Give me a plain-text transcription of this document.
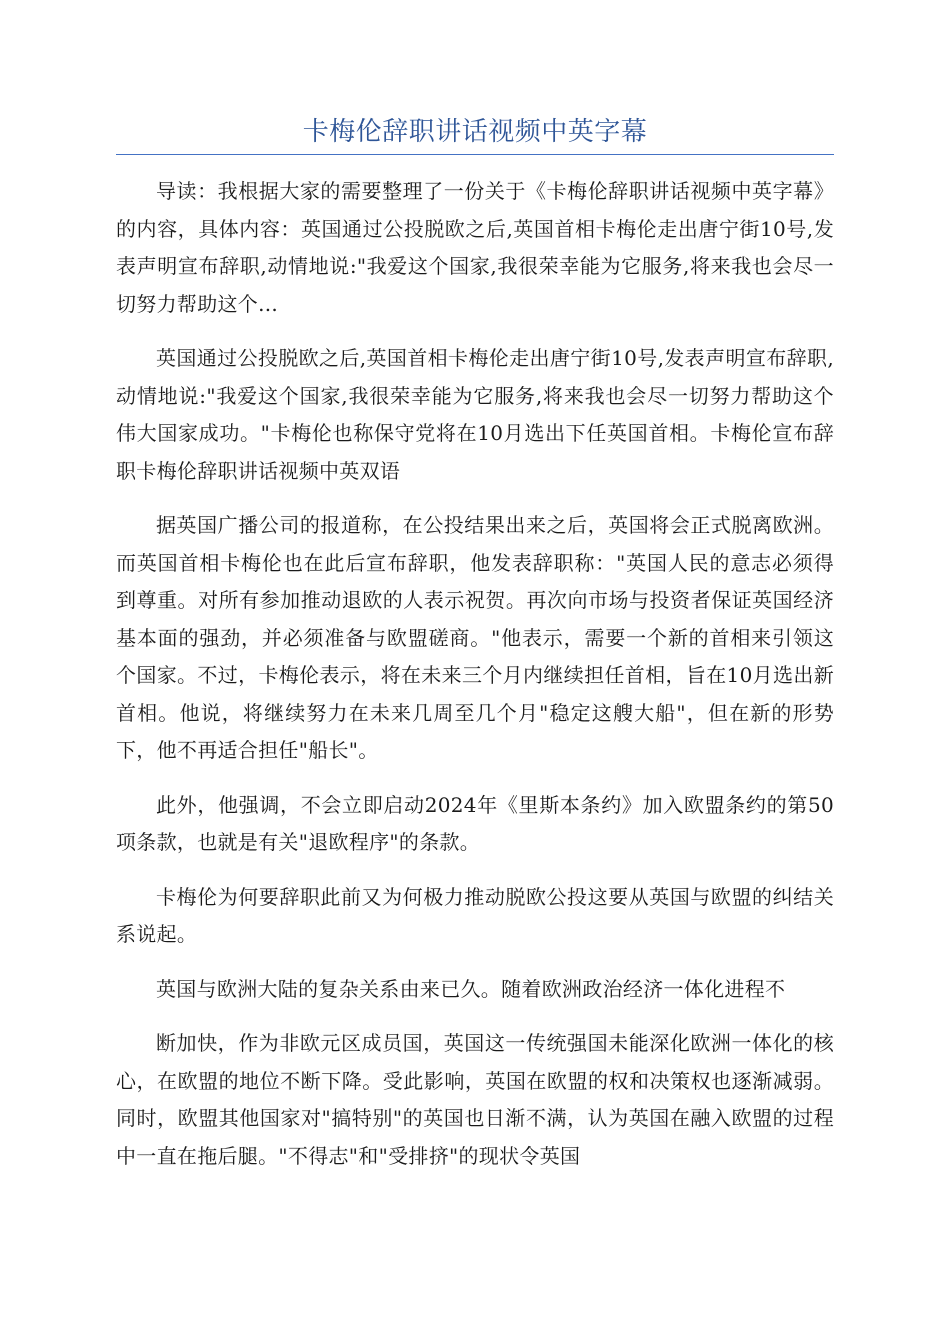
卡梅伦辞职讲话视频中英字幕

导读：我根据大家的需要整理了一份关于《卡梅伦辞职讲话视频中英字幕》的内容，具体内容：英国通过公投脱欧之后,英国首相卡梅伦走出唐宁街10号,发表声明宣布辞职,动情地说:"我爱这个国家,我很荣幸能为它服务,将来我也会尽一切努力帮助这个...

英国通过公投脱欧之后,英国首相卡梅伦走出唐宁街10号,发表声明宣布辞职,动情地说:"我爱这个国家,我很荣幸能为它服务,将来我也会尽一切努力帮助这个伟大国家成功。"卡梅伦也称保守党将在10月选出下任英国首相。卡梅伦宣布辞职卡梅伦辞职讲话视频中英双语

据英国广播公司的报道称，在公投结果出来之后，英国将会正式脱离欧洲。而英国首相卡梅伦也在此后宣布辞职，他发表辞职称："英国人民的意志必须得到尊重。对所有参加推动退欧的人表示祝贺。再次向市场与投资者保证英国经济基本面的强劲，并必须准备与欧盟磋商。"他表示，需要一个新的首相来引领这个国家。不过，卡梅伦表示，将在未来三个月内继续担任首相，旨在10月选出新首相。他说，将继续努力在未来几周至几个月"稳定这艘大船"，但在新的形势下，他不再适合担任"船长"。

此外，他强调，不会立即启动2024年《里斯本条约》加入欧盟条约的第50项条款，也就是有关"退欧程序"的条款。

卡梅伦为何要辞职此前又为何极力推动脱欧公投这要从英国与欧盟的纠结关系说起。

英国与欧洲大陆的复杂关系由来已久。随着欧洲政治经济一体化进程不

断加快，作为非欧元区成员国，英国这一传统强国未能深化欧洲一体化的核心，在欧盟的地位不断下降。受此影响，英国在欧盟的权和决策权也逐渐减弱。同时，欧盟其他国家对"搞特别"的英国也日渐不满，认为英国在融入欧盟的过程中一直在拖后腿。"不得志"和"受排挤"的现状令英国
